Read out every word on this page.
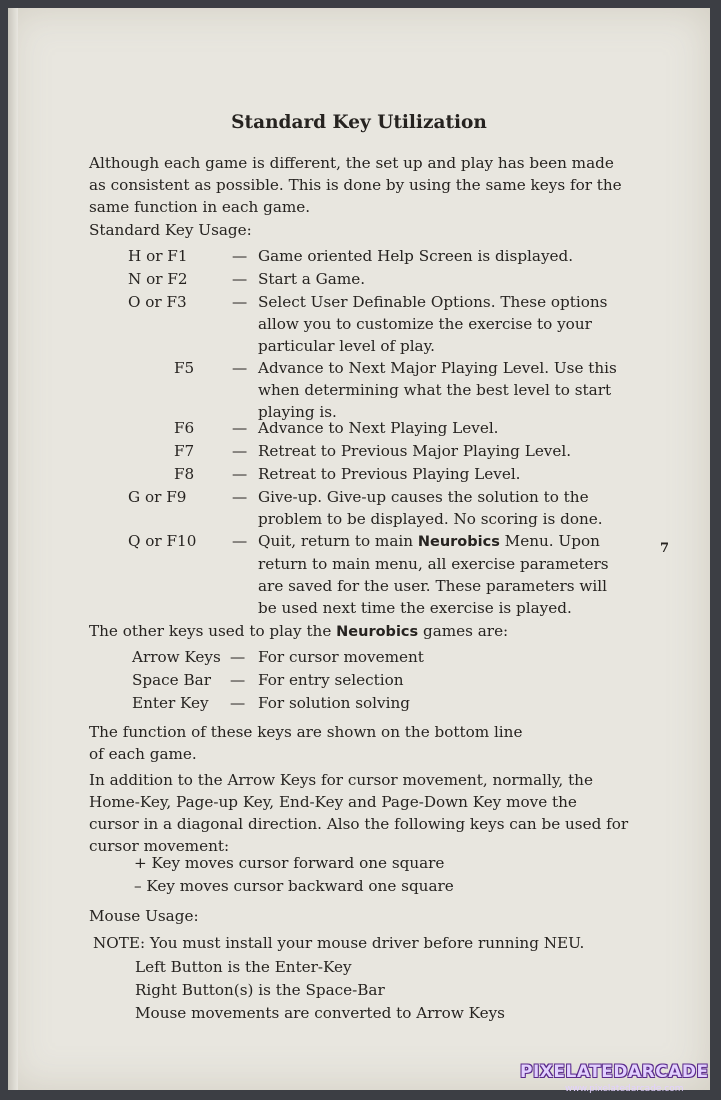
Standard Key Utilization

Although each game is different, the set up and play has been made as consistent as possible. This is done by using the same keys for the same function in each game.

Standard Key Usage:
H or F1	— Game oriented Help Screen is displayed.
N or F2	— Start a Game.
O or F3	— Select User Definable Options. These options allow you to customize the exercise to your particular level of play.
F5 — Advance to Next Major Playing Level. Use this when determining what the best level to start playing is.
F6 — Advance to Next Playing Level.
F7 — Retreat to Previous Major Playing Level.
F8 — Retreat to Previous Playing Level.
G or F9	— Give-up. Give-up causes the solution to the problem to be displayed. No scoring is done.
Q or F10 — Quit, return to main Neurobics Menu. Upon return to main menu, all exercise parameters are saved for the user. These parameters will be used next time the exercise is played.
The other keys used to play the Neurobics games are:
Arrow Keys — For cursor movement
Space Bar — For entry selection
Enter Key — For solution solving

The function of these keys are shown on the bottom line of each game.

In addition to the Arrow Keys for cursor movement, normally, the Home-Key, Page-up Key, End-Key and Page-Down Key move the cursor in a diagonal direction. Also the following keys can be used for cursor movement:

+ Key moves cursor forward one square
– Key moves cursor backward one square
Mouse Usage:
NOTE: You must install your mouse driver before running NEU.
Left Button is the Enter-Key
Right Button(s) is the Space-Bar
Mouse movements are converted to Arrow Keys
7
PIXELATEDARCADE
www.pixelatedarcade.com
